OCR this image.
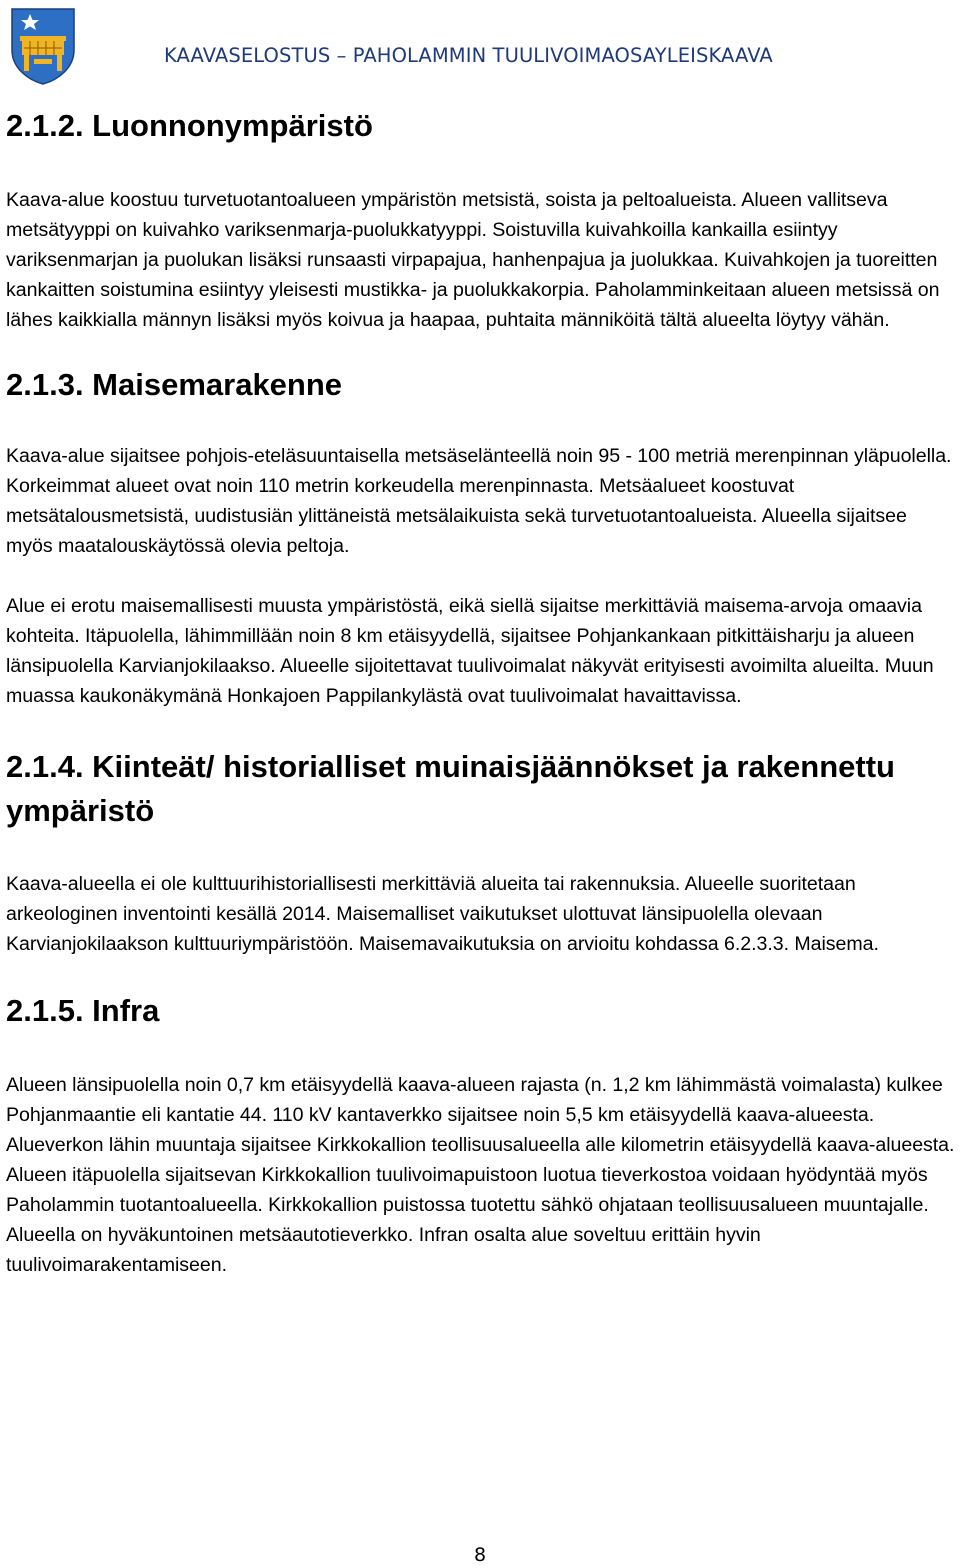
KAAVASELOSTUS – PAHOLAMMIN TUULIVOIMAOSAYLEISKAAVA
2.1.2. Luonnonympäristö

Kaava-alue koostuu turvetuotantoalueen ympäristön metsistä, soista ja peltoalueista. Alueen vallitseva metsätyyppi on kuivahko variksenmarja-puolukkatyyppi. Soistuvilla kuivahkoilla kankailla esiintyy variksenmarjan ja puolukan lisäksi runsaasti virpapajua, hanhenpajua ja juolukkaa. Kuivahkojen ja tuoreitten kankaitten soistumina esiintyy yleisesti mustikka- ja puolukkakorpia. Paholamminkeitaan alueen metsissä on lähes kaikkialla männyn lisäksi myös koivua ja haapaa, puhtaita männiköitä tältä alueelta löytyy vähän.

2.1.3. Maisemarakenne

Kaava-alue sijaitsee pohjois-eteläsuuntaisella metsäselänteellä noin 95 - 100 metriä merenpinnan yläpuolella. Korkeimmat alueet ovat noin 110 metrin korkeudella merenpinnasta. Metsäalueet koostuvat metsätalousmetsistä, uudistusiän ylittäneistä metsälaikuista sekä turvetuotantoalueista. Alueella sijaitsee myös maatalouskäytössä olevia peltoja.

Alue ei erotu maisemallisesti muusta ympäristöstä, eikä siellä sijaitse merkittäviä maisema-arvoja omaavia kohteita. Itäpuolella, lähimmillään noin 8 km etäisyydellä, sijaitsee Pohjankankaan pitkittäisharju ja alueen länsipuolella Karvianjokilaakso. Alueelle sijoitettavat tuulivoimalat näkyvät erityisesti avoimilta alueilta. Muun muassa kaukonäkymänä Honkajoen Pappilankylästä ovat tuulivoimalat havaittavissa.

2.1.4. Kiinteät/ historialliset muinaisjäännökset ja rakennettu ympäristö

Kaava-alueella ei ole kulttuurihistoriallisesti merkittäviä alueita tai rakennuksia. Alueelle suoritetaan arkeologinen inventointi kesällä 2014. Maisemalliset vaikutukset ulottuvat länsipuolella olevaan Karvianjokilaakson kulttuuriympäristöön. Maisemavaikutuksia on arvioitu kohdassa 6.2.3.3. Maisema.

2.1.5. Infra

Alueen länsipuolella noin 0,7 km etäisyydellä kaava-alueen rajasta (n. 1,2 km lähimmästä voimalasta) kulkee Pohjanmaantie eli kantatie 44. 110 kV kantaverkko sijaitsee noin 5,5 km etäisyydellä kaava-alueesta. Alueverkon lähin muuntaja sijaitsee Kirkkokallion teollisuusalueella alle kilometrin etäisyydellä kaava-alueesta. Alueen itäpuolella sijaitsevan Kirkkokallion tuulivoimapuistoon luotua tieverkostoa voidaan hyödyntää myös Paholammin tuotantoalueella. Kirkkokallion puistossa tuotettu sähkö ohjataan teollisuusalueen muuntajalle. Alueella on hyväkuntoinen metsäautotieverkko. Infran osalta alue soveltuu erittäin hyvin tuulivoimarakentamiseen.

8
